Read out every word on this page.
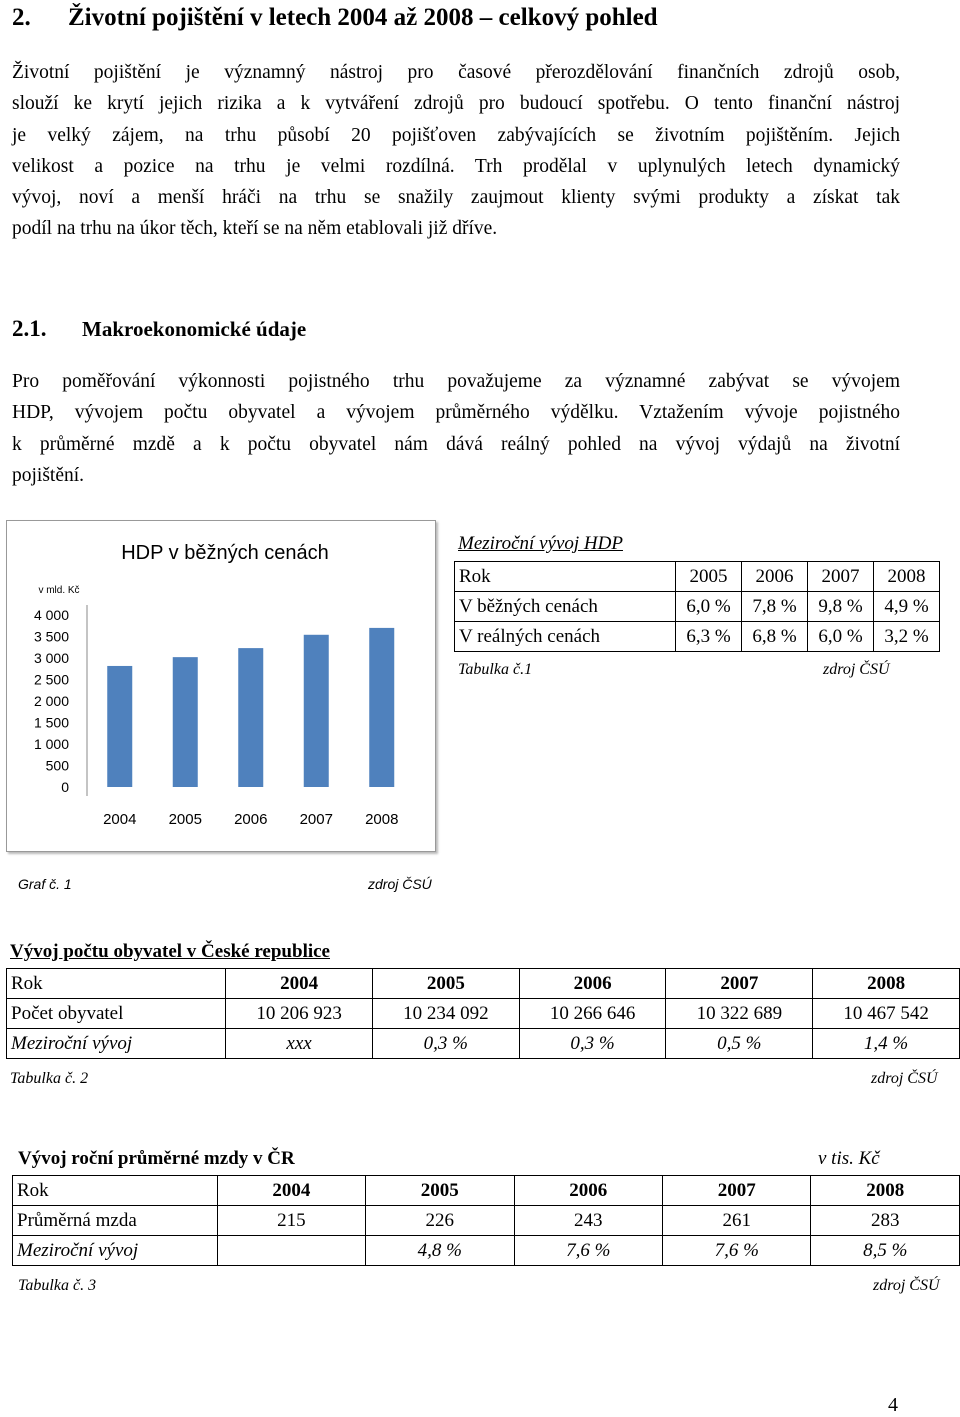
2. Životní pojištění v letech 2004 až 2008 – celkový pohled

Životní pojištění je významný nástroj pro časové přerozdělování finančních zdrojů osob,

slouží ke krytí jejich rizika a k vytváření zdrojů pro budoucí spotřebu. O tento finanční nástroj

je velký zájem, na trhu působí 20 pojišťoven zabývajících se životním pojištěním. Jejich

velikost a pozice na trhu je velmi rozdílná. Trh prodělal v uplynulých letech dynamický

vývoj, noví a menší hráči na trhu se snažily zaujmout klienty svými produkty a získat tak

podíl na trhu na úkor těch, kteří se na něm etablovali již dříve.

2.1. Makroekonomické údaje

Pro poměřování výkonnosti pojistného trhu považujeme za významné zabývat se vývojem

HDP, vývojem počtu obyvatel a vývojem průměrného výdělku. Vztažením vývoje pojistného

k průměrné mzdě a k počtu obyvatel nám dává reálný pohled na vývoj výdajů na životní

pojištění.

HDP v běžných cenách
v mld. Kč
4 000
3 500
3 000
2 500
2 000
1 500
1 000
500
0
2004 2005 2006 2007 2008
Graf č. 1	zdroj ČSÚ
Meziroční vývoj HDP
Rok	2005	2006	2007	2008
V běžných cenách	6,0 %	7,8 %	9,8 %	4,9 %
V reálných cenách	6,3 %	6,8 %	6,0 %	3,2 %
Tabulka č.1	zdroj ČSÚ
Vývoj počtu obyvatel v České republice
Rok	2004	2005	2006	2007	2008
Počet obyvatel	10 206 923	10 234 092	10 266 646	10 322 689	10 467 542
Meziroční vývoj	xxx	0,3 %	0,3 %	0,5 %	1,4 %
Tabulka č. 2	zdroj ČSÚ
Vývoj roční průměrné mzdy v ČR	v tis. Kč
Rok	2004	2005	2006	2007	2008
Průměrná mzda	215	226	243	261	283
Meziroční vývoj		4,8 %	7,6 %	7,6 %	8,5 %
Tabulka č. 3	zdroj ČSÚ
4
